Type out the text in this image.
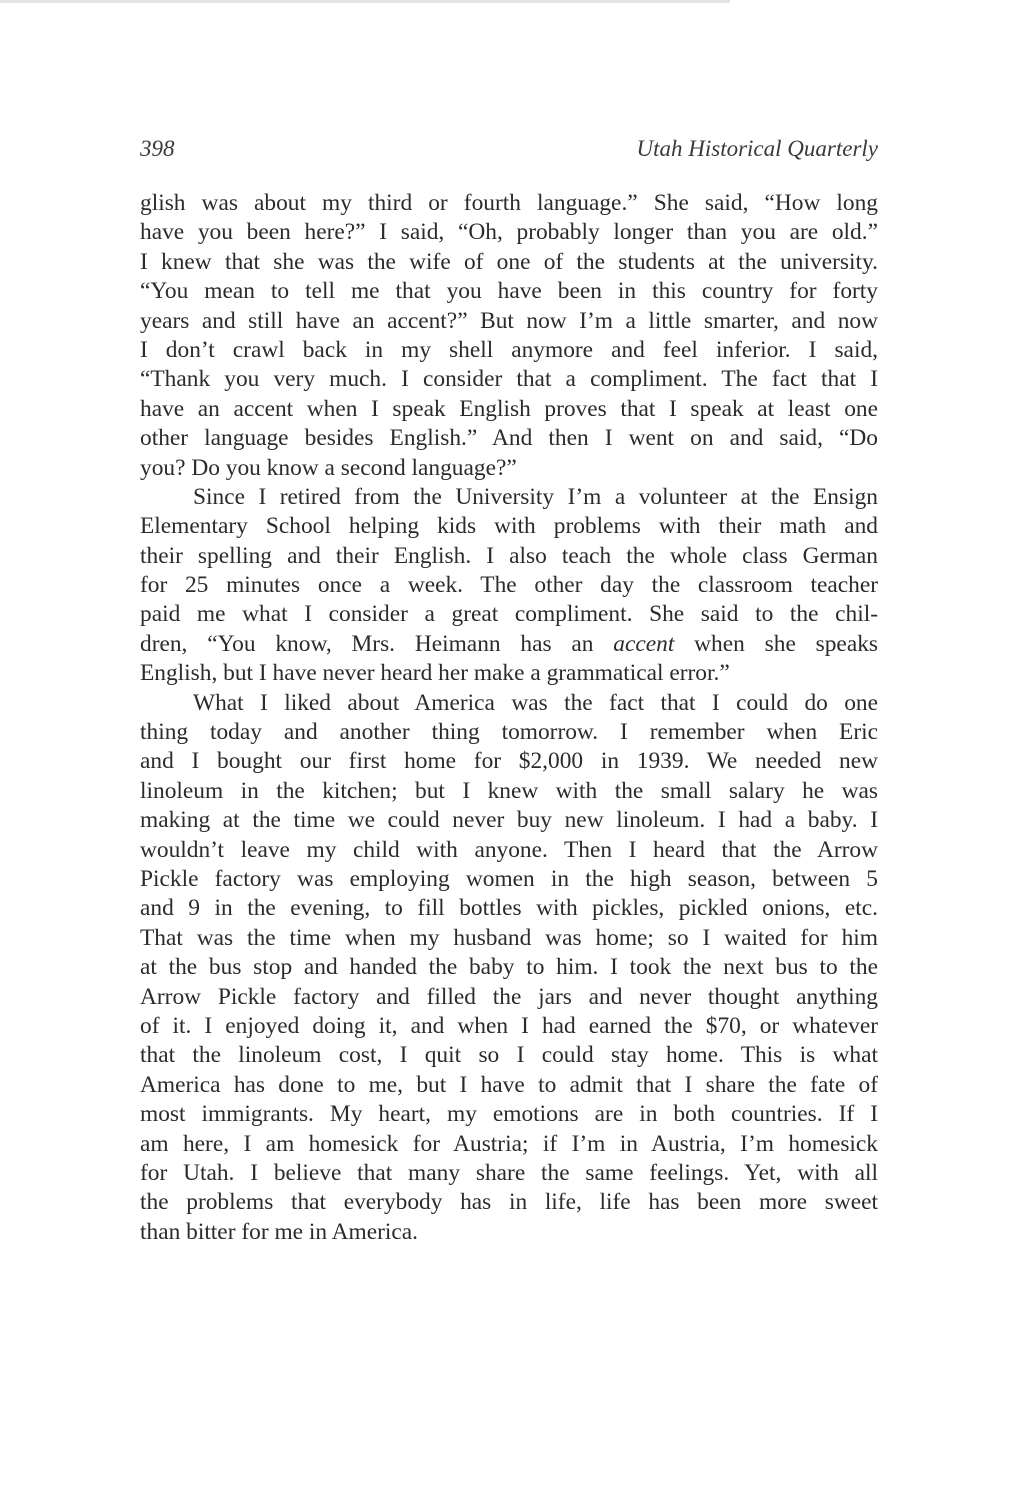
398	Utah Historical Quarterly
glish was about my third or fourth language.” She said, “How long
have you been here?” I said, “Oh, probably longer than you are old.”
I knew that she was the wife of one of the students at the university.
“You mean to tell me that you have been in this country for forty
years and still have an accent?” But now I’m a little smarter, and now
I don’t crawl back in my shell anymore and feel inferior. I said,
“Thank you very much. I consider that a compliment. The fact that I
have an accent when I speak English proves that I speak at least one
other language besides English.” And then I went on and said, “Do
you? Do you know a second language?”
Since I retired from the University I’m a volunteer at the Ensign
Elementary School helping kids with problems with their math and
their spelling and their English. I also teach the whole class German
for 25 minutes once a week. The other day the classroom teacher
paid me what I consider a great compliment. She said to the chil-
dren, “You know, Mrs. Heimann has an accent when she speaks
English, but I have never heard her make a grammatical error.”
What I liked about America was the fact that I could do one
thing today and another thing tomorrow. I remember when Eric
and I bought our first home for $2,000 in 1939. We needed new
linoleum in the kitchen; but I knew with the small salary he was
making at the time we could never buy new linoleum. I had a baby. I
wouldn’t leave my child with anyone. Then I heard that the Arrow
Pickle factory was employing women in the high season, between 5
and 9 in the evening, to fill bottles with pickles, pickled onions, etc.
That was the time when my husband was home; so I waited for him
at the bus stop and handed the baby to him. I took the next bus to the
Arrow Pickle factory and filled the jars and never thought anything
of it. I enjoyed doing it, and when I had earned the $70, or whatever
that the linoleum cost, I quit so I could stay home. This is what
America has done to me, but I have to admit that I share the fate of
most immigrants. My heart, my emotions are in both countries. If I
am here, I am homesick for Austria; if I’m in Austria, I’m homesick
for Utah. I believe that many share the same feelings. Yet, with all
the problems that everybody has in life, life has been more sweet
than bitter for me in America.
